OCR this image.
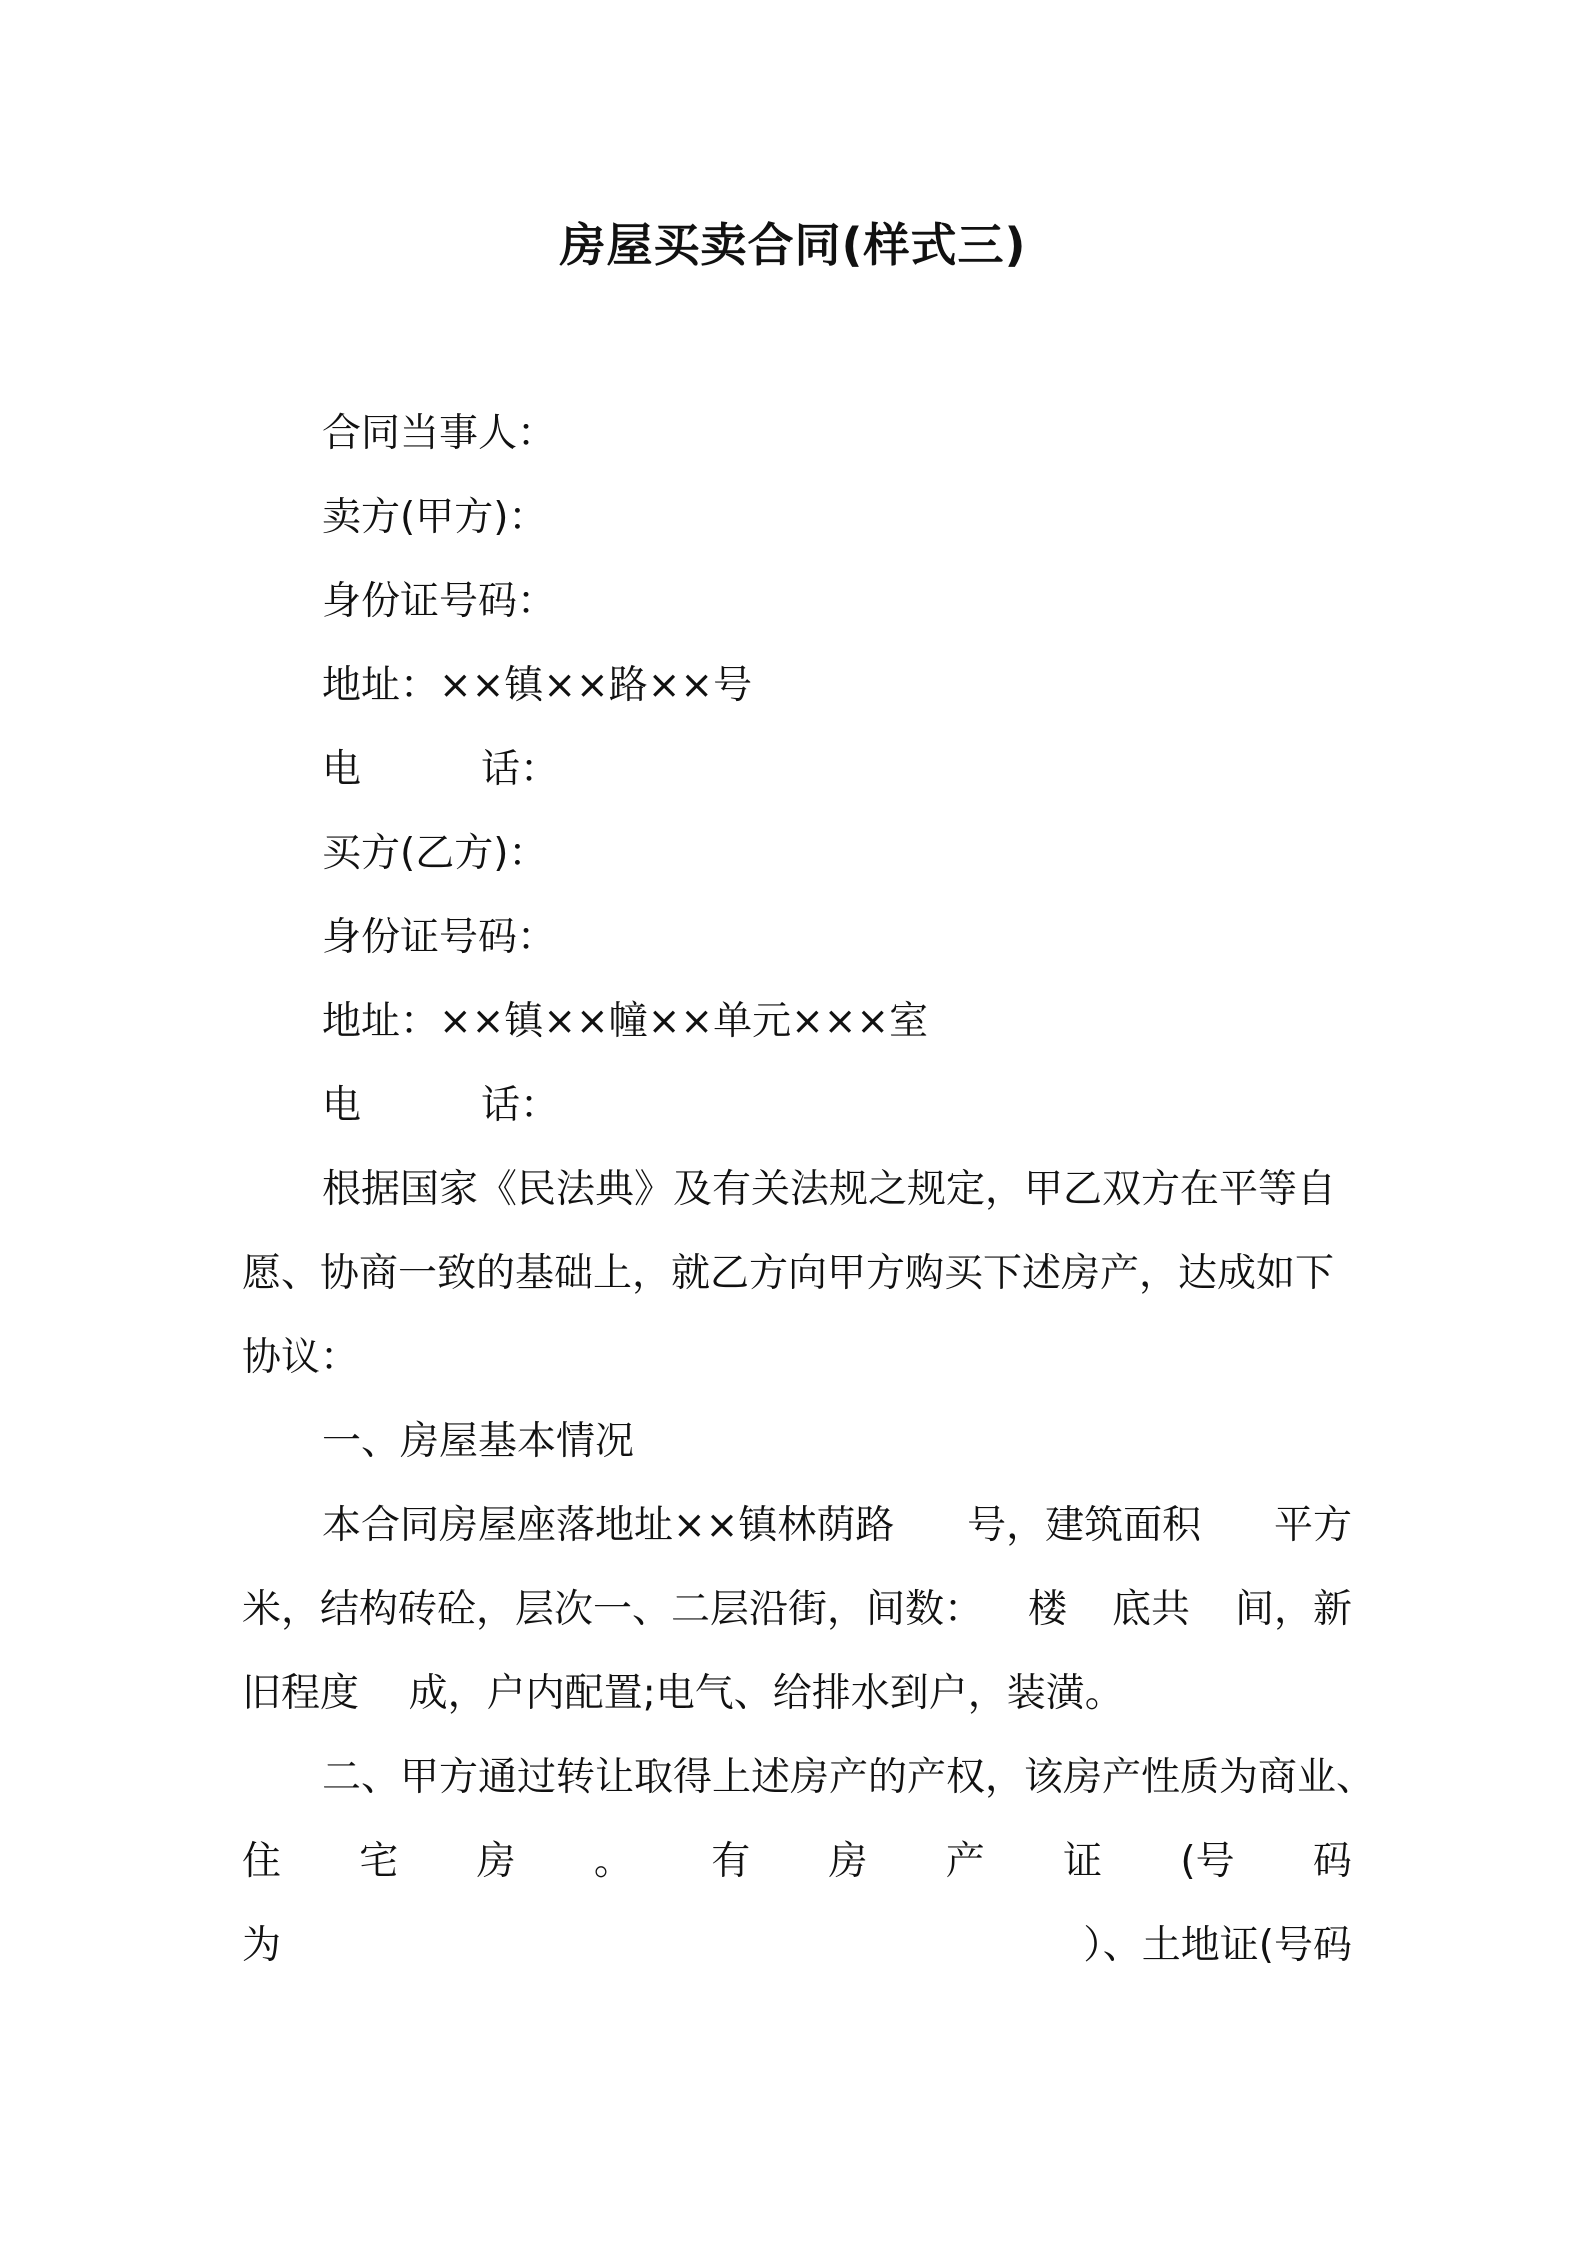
房屋买卖合同(样式三)
合同当事人：
卖方(甲方)：
身份证号码：
地址：××镇××路××号
电	话：
买方(乙方)：
身份证号码：
地址：××镇××幢××单元×××室
电	话：
根据国家《民法典》及有关法规之规定，甲乙双方在平等自
愿、协商一致的基础上，就乙方向甲方购买下述房产，达成如下
协议：
一、房屋基本情况
本合同房屋座落地址××镇林荫路 号，建筑面积 平方
米，结构砖砼，层次一、二层沿街，间数： 楼 底共 间，新
旧程度    成，户内配置;电气、给排水到户，装潢。
二、甲方通过转让取得上述房产的产权，该房产性质为商业、
住 宅 房 。 有 房 产 证 (号 码
为	）、土地证(号码
